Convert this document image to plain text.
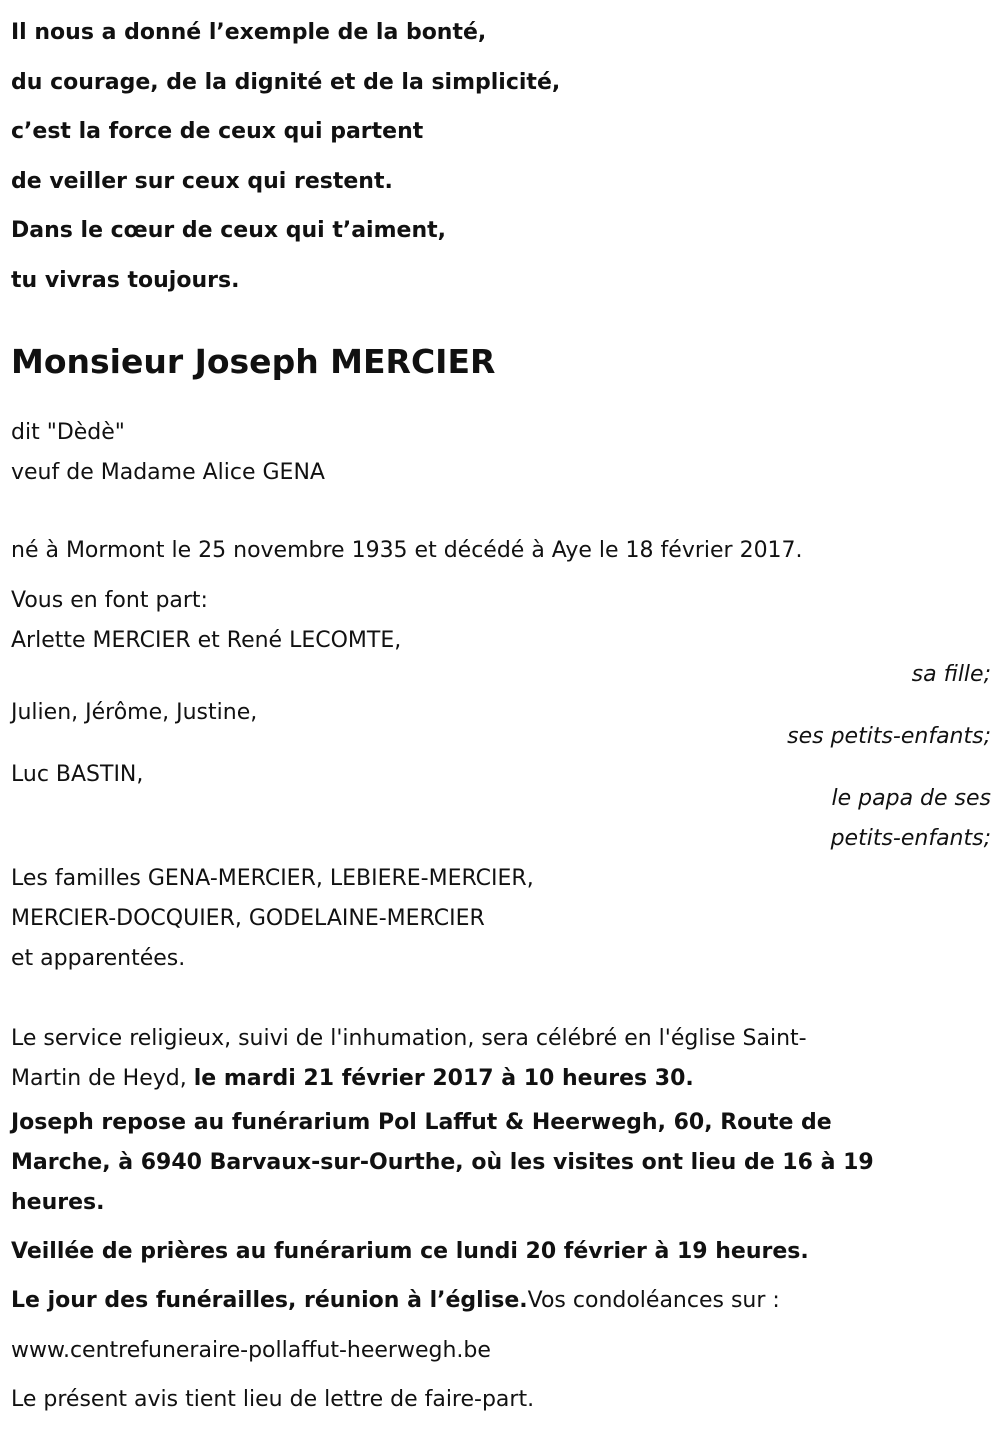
Il nous a donné l’exemple de la bonté,
du courage, de la dignité et de la simplicité,
c’est la force de ceux qui partent
de veiller sur ceux qui restent.
Dans le cœur de ceux qui t’aiment,
tu vivras toujours.
Monsieur Joseph MERCIER
dit "Dèdè"
veuf de Madame Alice GENA
né à Mormont le 25 novembre 1935 et décédé à Aye le 18 février 2017.
Vous en font part:
Arlette MERCIER et René LECOMTE,
sa fille;
Julien, Jérôme, Justine,
ses petits-enfants;
Luc BASTIN,
le papa de ses
petits-enfants;
Les familles GENA-MERCIER, LEBIERE-MERCIER,
MERCIER-DOCQUIER, GODELAINE-MERCIER
et apparentées.
Le service religieux, suivi de l'inhumation, sera célébré en l'église Saint-
Martin de Heyd, le mardi 21 février 2017 à 10 heures 30.
Joseph repose au funérarium Pol Laffut & Heerwegh, 60, Route de
Marche, à 6940 Barvaux-sur-Ourthe, où les visites ont lieu de 16 à 19
heures.
Veillée de prières au funérarium ce lundi 20 février à 19 heures.
Le jour des funérailles, réunion à l’église.Vos condoléances sur :
www.centrefuneraire-pollaffut-heerwegh.be
Le présent avis tient lieu de lettre de faire-part.
